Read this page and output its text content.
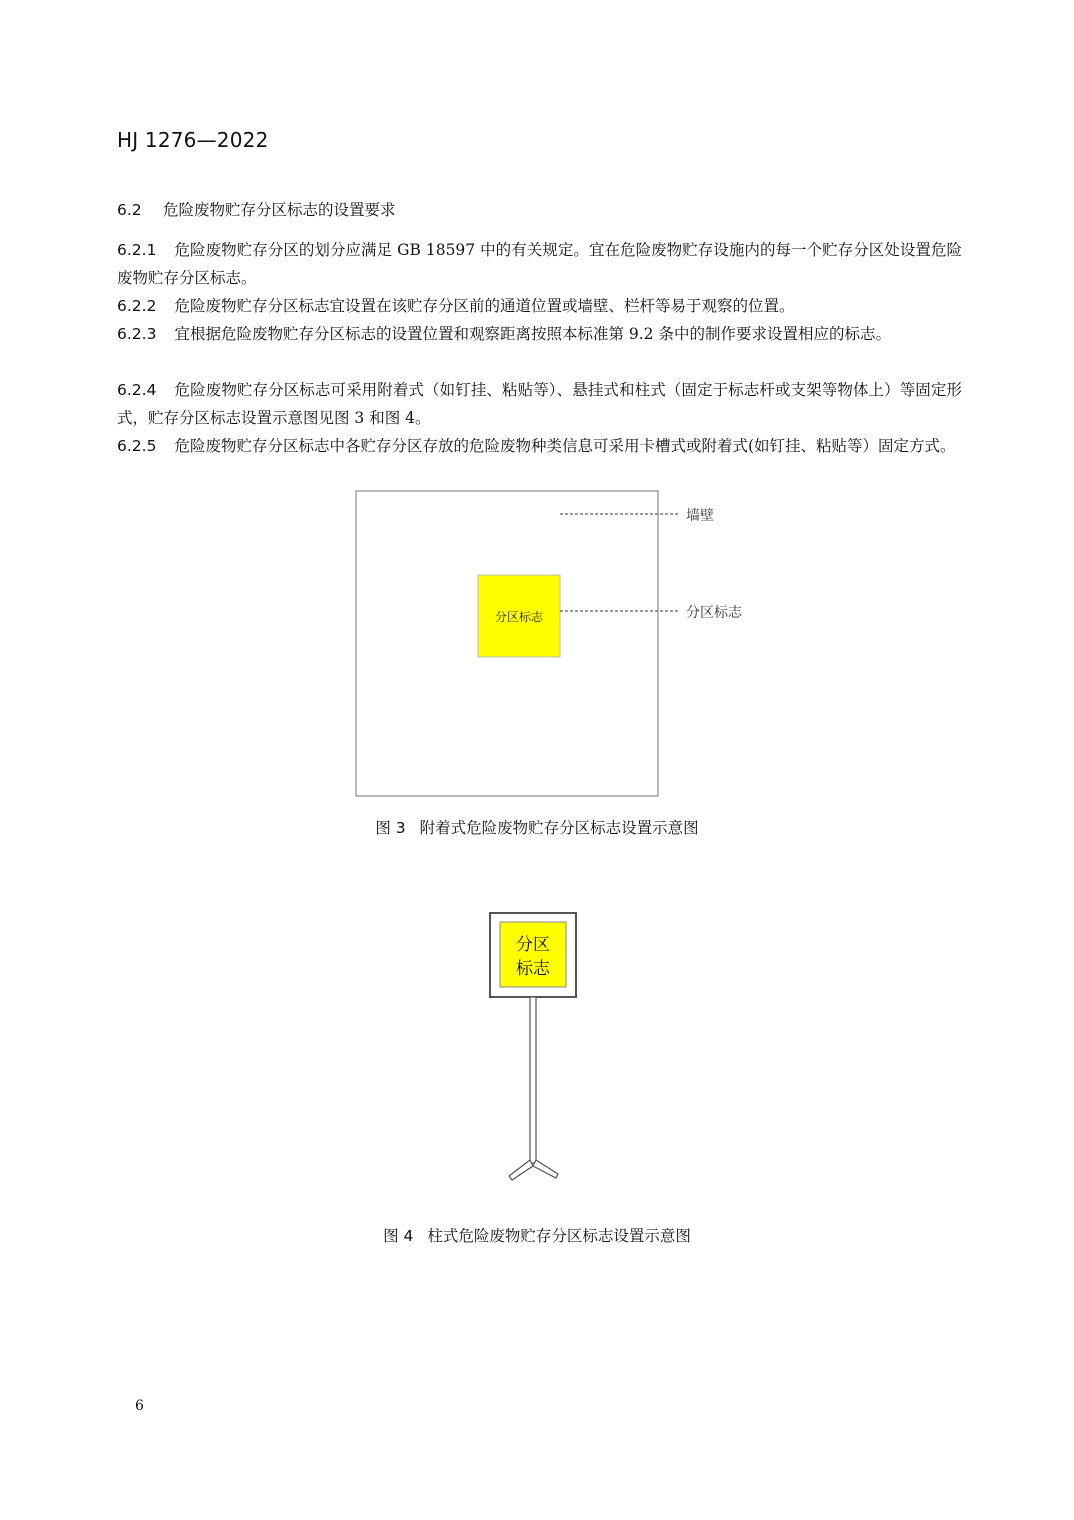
HJ 1276—2022
6.2 危险废物贮存分区标志的设置要求
6.2.1 危险废物贮存分区的划分应满足 GB 18597 中的有关规定。宜在危险废物贮存设施内的每一个贮存分区处设置危险废物贮存分区标志。
6.2.2 危险废物贮存分区标志宜设置在该贮存分区前的通道位置或墙壁、栏杆等易于观察的位置。
6.2.3 宜根据危险废物贮存分区标志的设置位置和观察距离按照本标准第 9.2 条中的制作要求设置相应的标志。
6.2.4 危险废物贮存分区标志可采用附着式（如钉挂、粘贴等）、悬挂式和柱式（固定于标志杆或支架等物体上）等固定形式，贮存分区标志设置示意图见图 3 和图 4。
6.2.5 危险废物贮存分区标志中各贮存分区存放的危险废物种类信息可采用卡槽式或附着式(如钉挂、粘贴等）固定方式。
墙壁
分区标志	分区标志
分区
标志
图 3 附着式危险废物贮存分区标志设置示意图
图 4 柱式危险废物贮存分区标志设置示意图
6
